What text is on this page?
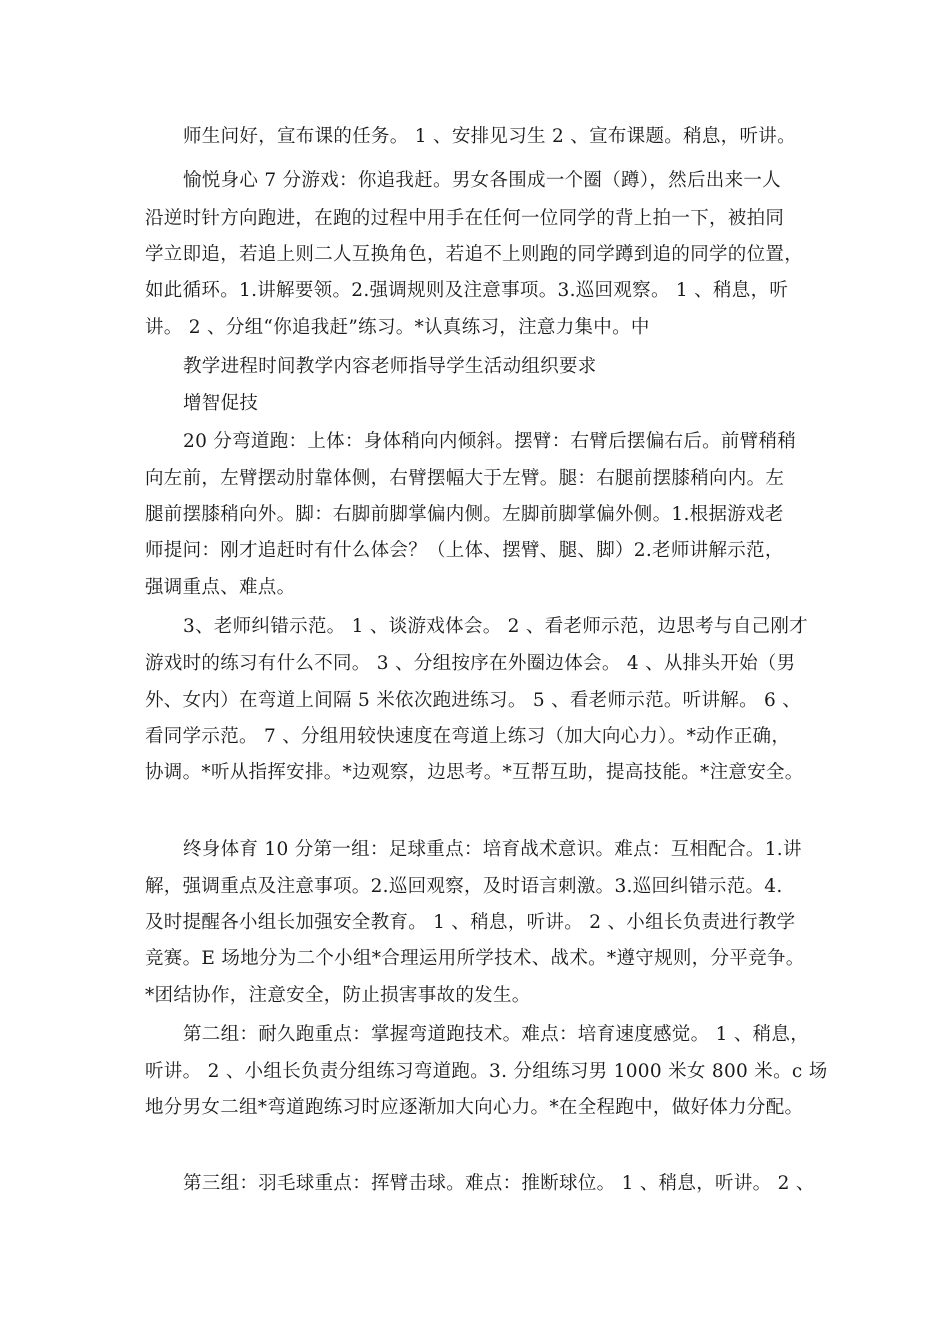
师生问好，宣布课的任务。 1 、安排见习生 2 、宣布课题。稍息，听讲。
愉悦身心 7 分游戏：你追我赶。男女各围成一个圈（蹲），然后出来一人
沿逆时针方向跑进，在跑的过程中用手在任何一位同学的背上拍一下，被拍同
学立即追，若追上则二人互换角色，若追不上则跑的同学蹲到追的同学的位置，
如此循环。1.讲解要领。2.强调规则及注意事项。3.巡回观察。 1 、稍息，听
讲。 2 、分组“你追我赶”练习。*认真练习，注意力集中。中
教学进程时间教学内容老师指导学生活动组织要求
增智促技
20 分弯道跑：上体：身体稍向内倾斜。摆臂：右臂后摆偏右后。前臂稍稍
向左前，左臂摆动肘靠体侧，右臂摆幅大于左臂。腿：右腿前摆膝稍向内。左
腿前摆膝稍向外。脚：右脚前脚掌偏内侧。左脚前脚掌偏外侧。1.根据游戏老
师提问：刚才追赶时有什么体会？（上体、摆臂、腿、脚）2.老师讲解示范，
强调重点、难点。
3、老师纠错示范。 1 、谈游戏体会。 2 、看老师示范，边思考与自己刚才
游戏时的练习有什么不同。 3 、分组按序在外圈边体会。 4 、从排头开始（男
外、女内）在弯道上间隔 5 米依次跑进练习。 5 、看老师示范。听讲解。 6 、
看同学示范。 7 、分组用较快速度在弯道上练习（加大向心力）。*动作正确，
协调。*听从指挥安排。*边观察，边思考。*互帮互助，提高技能。*注意安全。
终身体育 10 分第一组：足球重点：培育战术意识。难点：互相配合。1.讲
解，强调重点及注意事项。2.巡回观察，及时语言刺激。3.巡回纠错示范。4.
及时提醒各小组长加强安全教育。 1 、稍息，听讲。 2 、小组长负责进行教学
竞赛。E 场地分为二个小组*合理运用所学技术、战术。*遵守规则，分平竞争。
*团结协作，注意安全，防止损害事故的发生。
第二组：耐久跑重点：掌握弯道跑技术。难点：培育速度感觉。 1 、稍息，
听讲。 2 、小组长负责分组练习弯道跑。3. 分组练习男 1000 米女 800 米。c 场
地分男女二组*弯道跑练习时应逐渐加大向心力。*在全程跑中，做好体力分配。
第三组：羽毛球重点：挥臂击球。难点：推断球位。 1 、稍息，听讲。 2 、
